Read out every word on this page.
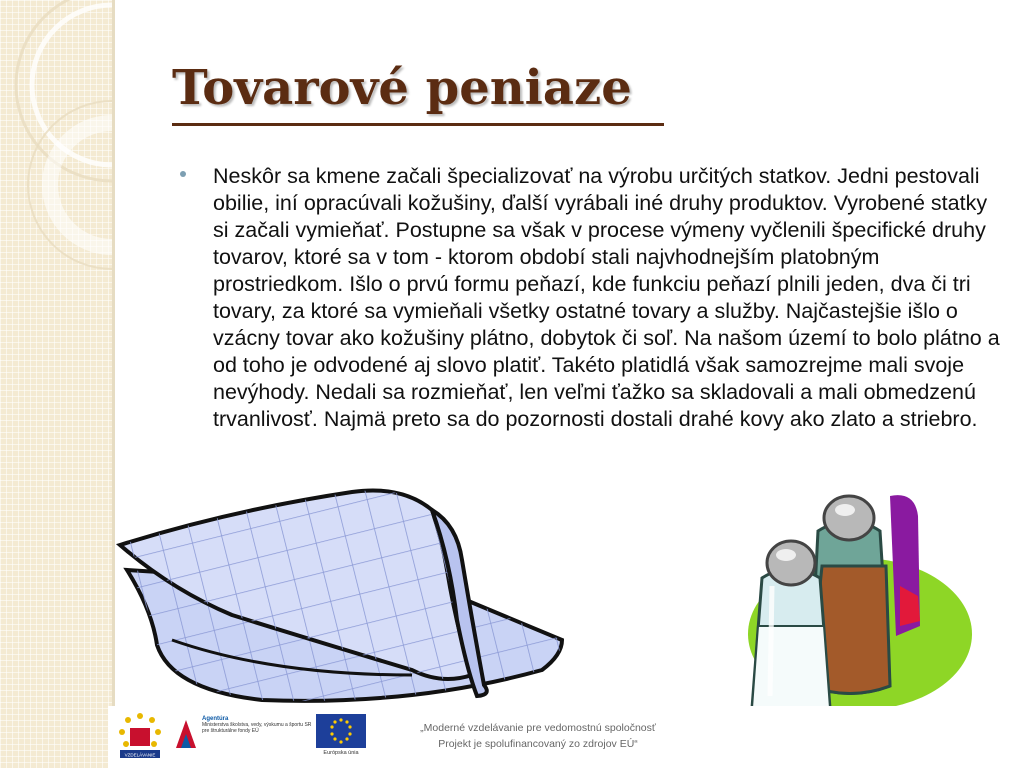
Tovarové peniaze
Neskôr sa kmene začali špecializovať na výrobu určitých statkov. Jedni pestovali obilie, iní opracúvali kožušiny, ďalší vyrábali iné druhy produktov. Vyrobené statky si začali vymieňať. Postupne sa však v procese výmeny vyčlenili špecifické druhy tovarov, ktoré sa v tom - ktorom období stali najvhodnejším platobným prostriedkom. Išlo o prvú formu peňazí, kde funkciu peňazí plnili jeden, dva či tri tovary, za ktoré sa vymieňali všetky ostatné tovary a služby. Najčastejšie išlo o vzácny tovar ako kožušiny plátno, dobytok či soľ. Na našom území to bolo plátno a od toho je odvodené aj slovo platiť. Takéto platidlá však samozrejme mali svoje nevýhody. Nedali sa rozmieňať, len veľmi ťažko sa skladovali a mali obmedzenú trvanlivosť. Najmä preto sa do pozornosti dostali drahé kovy ako zlato a striebro.
VZDELÁVANIE
Agentúra
Ministerstva školstva, vedy, výskumu a športu SR
pre štrukturálne fondy EÚ
Európska únia
„Moderné vzdelávanie pre vedomostnú spoločnosť
Projekt je spolufinancovaný zo zdrojov EÚ“
